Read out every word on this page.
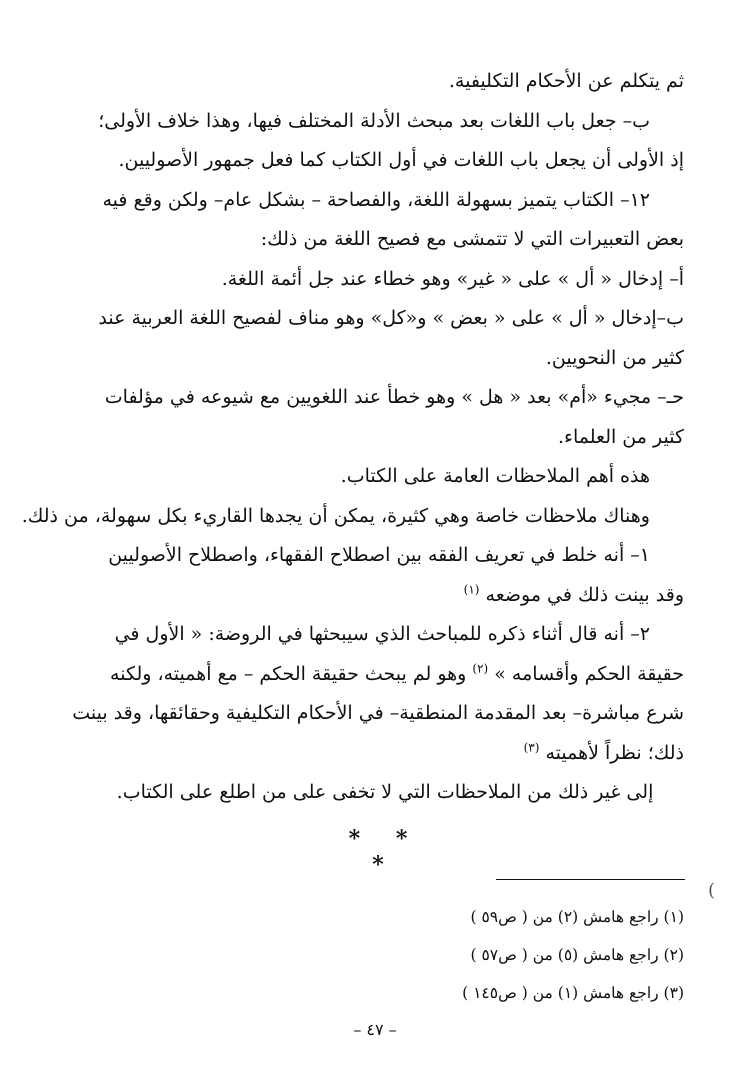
ثم يتكلم عن الأحكام التكليفية.
ب– جعل باب اللغات بعد مبحث الأدلة المختلف فيها، وهذا خلاف الأولى؛
إذ الأولى أن يجعل باب اللغات في أول الكتاب كما فعل جمهور الأصوليين.
١٢– الكتاب يتميز بسهولة اللغة، والفصاحة – بشكل عام– ولكن وقع فيه
بعض التعبيرات التي لا تتمشى مع فصيح اللغة من ذلك:
أ– إدخال « أل » على « غير» وهو خطاء عند جل أئمة اللغة.
ب–إدخال « أل » على « بعض » و«كل» وهو مناف لفصيح اللغة العربية عند
كثير من النحويين.
حـ– مجيء «أم» بعد « هل » وهو خطأ عند اللغويين مع شيوعه في مؤلفات
كثير من العلماء.
هذه أهم الملاحظات العامة على الكتاب.
وهناك ملاحظات خاصة وهي كثيرة، يمكن أن يجدها القاريء بكل سهولة، من ذلك.
١– أنه خلط في تعريف الفقه بين اصطلاح الفقهاء، واصطلاح الأصوليين
وقد بينت ذلك في موضعه $^{(١)}$
٢– أنه قال أثناء ذكره للمباحث الذي سيبحثها في الروضة: « الأول في
حقيقة الحكم وأقسامه » $^{(٢)}$ وهو لم يبحث حقيقة الحكم – مع أهميته، ولكنه
شرع مباشرة– بعد المقدمة المنطقية– في الأحكام التكليفية وحقائقها، وقد بينت
ذلك؛ نظراً لأهميته $^{(٣)}$
إلى غير ذلك من الملاحظات التي لا تخفى على من اطلع على الكتاب.
* * *
(١) راجع هامش (٢) من ( ص٥٩ )
(٢) راجع هامش (٥) من ( ص٥٧ )
(٣) راجع هامش (١) من ( ص١٤٥ )
(
– ٤٧ –
